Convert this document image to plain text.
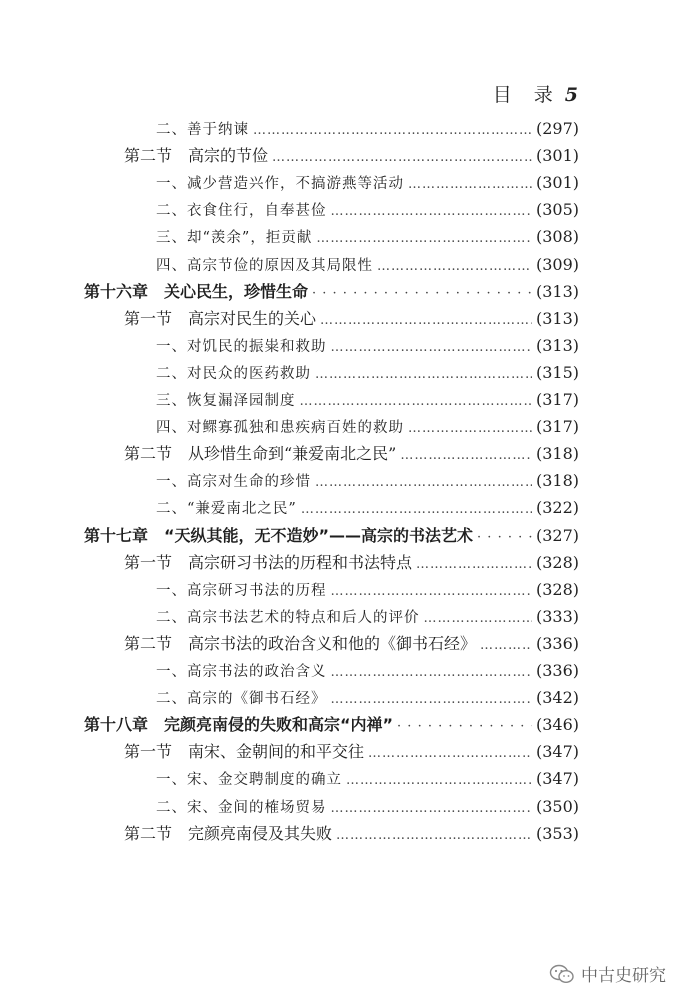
目 录 5
二、善于纳谏 ……………………………………………………………………………………………………………………………………………………………………………………………………………	(297)
第二节　高宗的节俭 ……………………………………………………………………………………………………………………………………………………………………………………………………………	(301)
一、减少营造兴作，不搞游燕等活动 ……………………………………………………………………………………………………………………………………………………………………………………………………………	(301)
二、衣食住行，自奉甚俭 ……………………………………………………………………………………………………………………………………………………………………………………………………………	(305)
三、却“羡余”，拒贡献 ……………………………………………………………………………………………………………………………………………………………………………………………………………	(308)
四、高宗节俭的原因及其局限性 ……………………………………………………………………………………………………………………………………………………………………………………………………………	(309)
第十六章　关心民生，珍惜生命 · · ·	(313)
第一节　高宗对民生的关心 ……………………………………………………………………………………………………………………………………………………………………………………………………………	(313)
一、对饥民的振粜和救助 ……………………………………………………………………………………………………………………………………………………………………………………………………………	(313)
二、对民众的医药救助 ……………………………………………………………………………………………………………………………………………………………………………………………………………	(315)
三、恢复漏泽园制度 ……………………………………………………………………………………………………………………………………………………………………………………………………………	(317)
四、对鳏寡孤独和患疾病百姓的救助 ……………………………………………………………………………………………………………………………………………………………………………………………………………	(317)
第二节　从珍惜生命到“兼爱南北之民” ……………………………………………………………………………………………………………………………………………………………………………………………………………	(318)
一、高宗对生命的珍惜 ……………………………………………………………………………………………………………………………………………………………………………………………………………	(318)
二、“兼爱南北之民” ……………………………………………………………………………………………………………………………………………………………………………………………………………	(322)
第十七章　“天纵其能，无不造妙”——高宗的书法艺术 · · ·	(327)
第一节　高宗研习书法的历程和书法特点 ……………………………………………………………………………………………………………………………………………………………………………………………………………	(328)
一、高宗研习书法的历程 ……………………………………………………………………………………………………………………………………………………………………………………………………………	(328)
二、高宗书法艺术的特点和后人的评价 ……………………………………………………………………………………………………………………………………………………………………………………………………………	(333)
第二节　高宗书法的政治含义和他的《御书石经》 ……………………………………………………………………………………………………………………………………………………………………………………………………………	(336)
一、高宗书法的政治含义 ……………………………………………………………………………………………………………………………………………………………………………………………………………	(336)
二、高宗的《御书石经》 ……………………………………………………………………………………………………………………………………………………………………………………………………………	(342)
第十八章　完颜亮南侵的失败和高宗“内禅” · · ·	(346)
第一节　南宋、金朝间的和平交往 ……………………………………………………………………………………………………………………………………………………………………………………………………………	(347)
一、宋、金交聘制度的确立 ……………………………………………………………………………………………………………………………………………………………………………………………………………	(347)
二、宋、金间的榷场贸易 ……………………………………………………………………………………………………………………………………………………………………………………………………………	(350)
第二节　完颜亮南侵及其失败 ……………………………………………………………………………………………………………………………………………………………………………………………………………	(353)
中古史研究
